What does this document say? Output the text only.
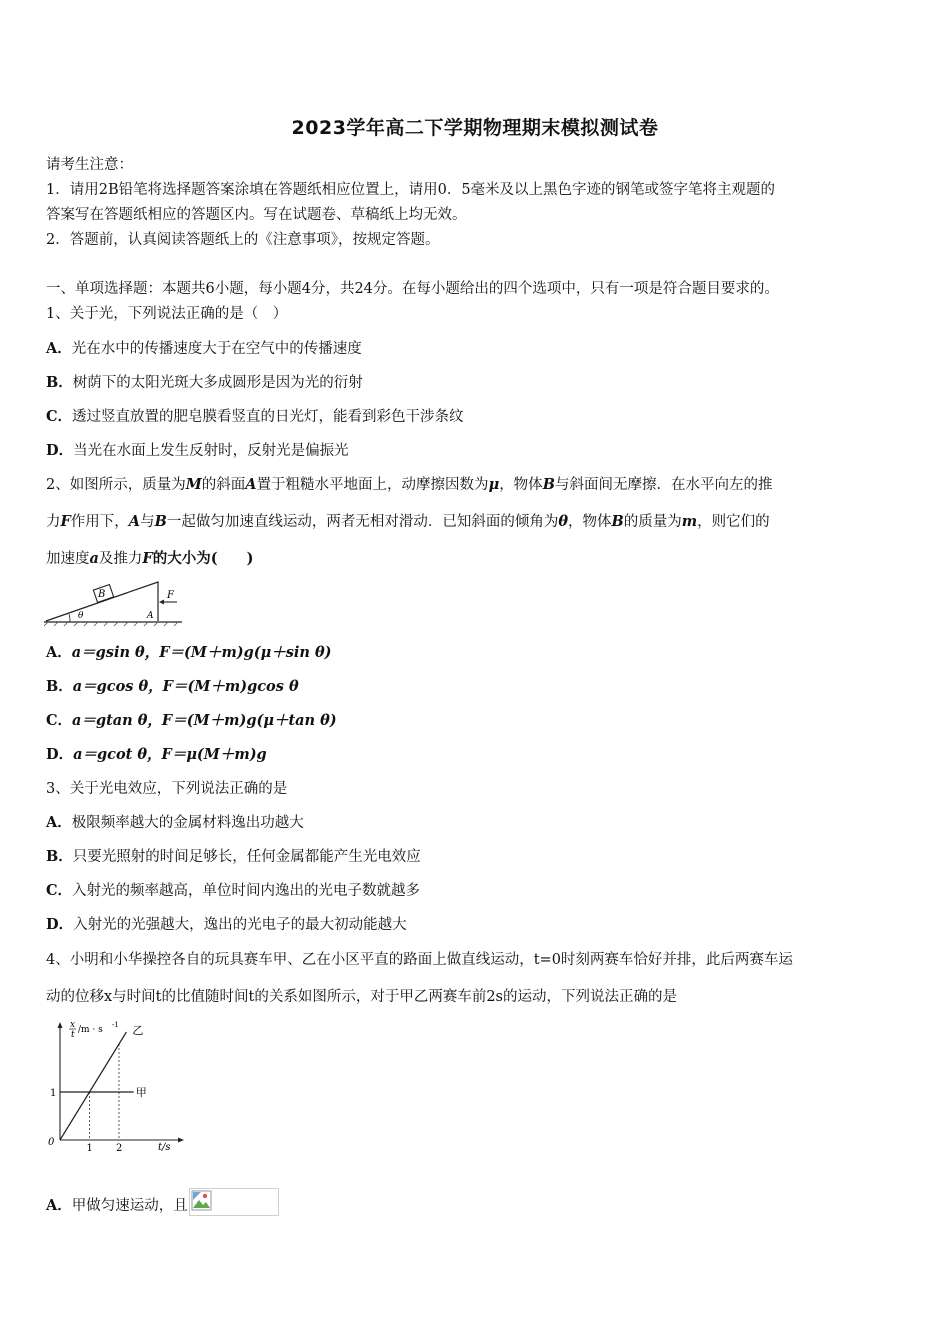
2023学年高二下学期物理期末模拟测试卷
请考生注意：
1．请用2B铅笔将选择题答案涂填在答题纸相应位置上，请用0．5毫米及以上黑色字迹的钢笔或签字笔将主观题的
答案写在答题纸相应的答题区内。写在试题卷、草稿纸上均无效。
2．答题前，认真阅读答题纸上的《注意事项》，按规定答题。
一、单项选择题：本题共6小题，每小题4分，共24分。在每小题给出的四个选项中，只有一项是符合题目要求的。
1、关于光，下列说法正确的是（　）
A．光在水中的传播速度大于在空气中的传播速度
B．树荫下的太阳光斑大多成圆形是因为光的衍射
C．透过竖直放置的肥皂膜看竖直的日光灯，能看到彩色干涉条纹
D．当光在水面上发生反射时，反射光是偏振光
2、如图所示，质量为M的斜面A置于粗糙水平地面上，动摩擦因数为μ，物体B与斜面间无摩擦．在水平向左的推
力F作用下，A与B一起做匀加速直线运动，两者无相对滑动．已知斜面的倾角为θ，物体B的质量为m，则它们的
加速度a及推力F的大小为(　　)
B
θ	A
F
A．a＝gsin θ，F＝(M＋m)g(μ＋sin θ)
B．a＝gcos θ，F＝(M＋m)gcos θ
C．a＝gtan θ，F＝(M＋m)g(μ＋tan θ)
D．a＝gcot θ，F＝μ(M＋m)g
3、关于光电效应，下列说法正确的是
A．极限频率越大的金属材料逸出功越大
B．只要光照射的时间足够长，任何金属都能产生光电效应
C．入射光的频率越高，单位时间内逸出的光电子数就越多
D．入射光的光强越大，逸出的光电子的最大初动能越大
4、小明和小华操控各自的玩具赛车甲、乙在小区平直的路面上做直线运动，t=0时刻两赛车恰好并排，此后两赛车运
动的位移x与时间t的比值随时间t的关系如图所示，对于甲乙两赛车前2s的运动，下列说法正确的是
x
t /m · s -1
0
1
1 2	t/s
甲
乙
A．甲做匀速运动，且
